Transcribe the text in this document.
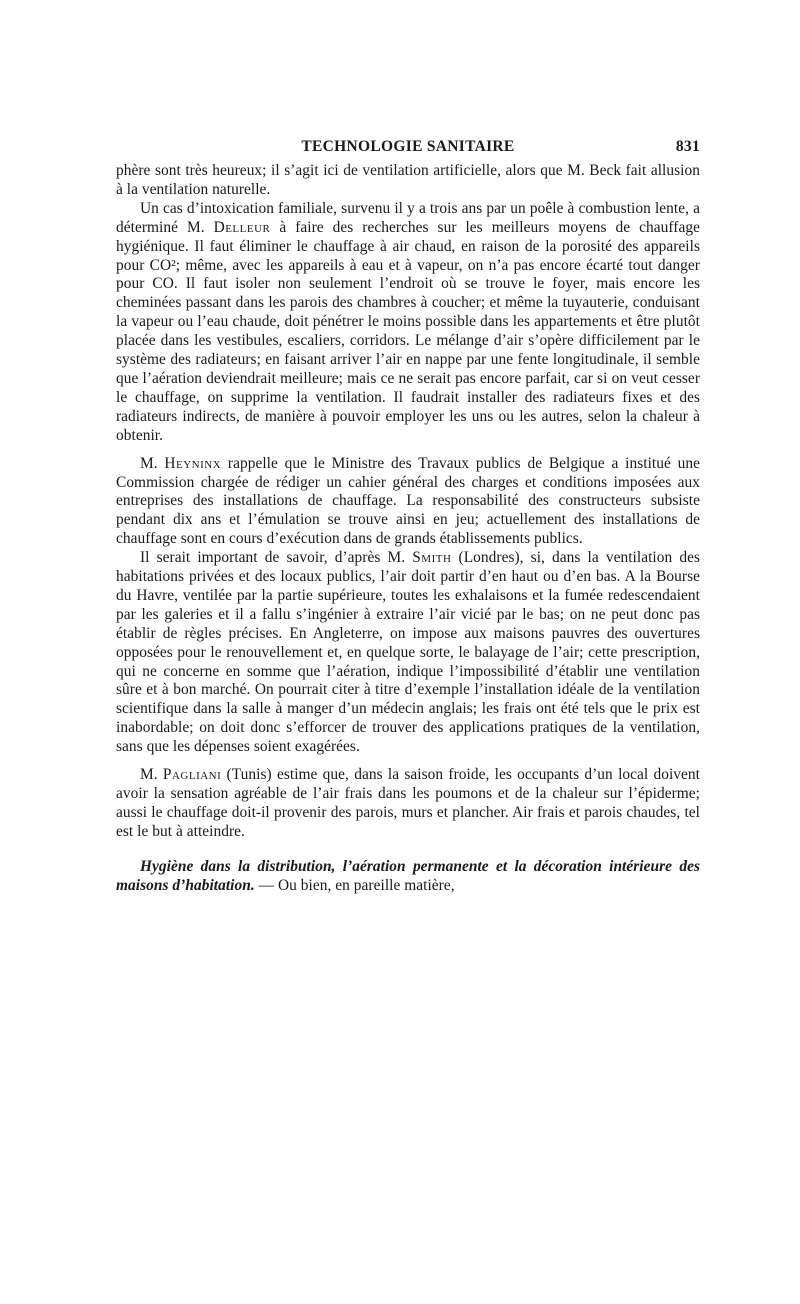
TECHNOLOGIE SANITAIRE	831

phère sont très heureux; il s’agit ici de ventilation artificielle, alors que M. Beck fait allusion à la ventilation naturelle.

Un cas d’intoxication familiale, survenu il y a trois ans par un poêle à combustion lente, a déterminé M. Delleur à faire des recherches sur les meilleurs moyens de chauffage hygiénique. Il faut éliminer le chauffage à air chaud, en raison de la porosité des appareils pour CO²; même, avec les appareils à eau et à vapeur, on n’a pas encore écarté tout danger pour CO. Il faut isoler non seulement l’endroit où se trouve le foyer, mais encore les cheminées passant dans les parois des chambres à coucher; et même la tuyauterie, conduisant la vapeur ou l’eau chaude, doit pénétrer le moins possible dans les appartements et être plutôt placée dans les vestibules, escaliers, corridors. Le mélange d’air s’opère difficilement par le système des radiateurs; en faisant arriver l’air en nappe par une fente longitudinale, il semble que l’aération deviendrait meilleure; mais ce ne serait pas encore parfait, car si on veut cesser le chauffage, on supprime la ventilation. Il faudrait installer des radiateurs fixes et des radiateurs indirects, de manière à pouvoir employer les uns ou les autres, selon la chaleur à obtenir.

M. Heyninx rappelle que le Ministre des Travaux publics de Belgique a institué une Commission chargée de rédiger un cahier général des charges et conditions imposées aux entreprises des installations de chauffage. La responsabilité des constructeurs subsiste pendant dix ans et l’émulation se trouve ainsi en jeu; actuellement des installations de chauffage sont en cours d’exécution dans de grands établissements publics.

Il serait important de savoir, d’après M. Smith (Londres), si, dans la ventilation des habitations privées et des locaux publics, l’air doit partir d’en haut ou d’en bas. A la Bourse du Havre, ventilée par la partie supérieure, toutes les exhalaisons et la fumée redescendaient par les galeries et il a fallu s’ingénier à extraire l’air vicié par le bas; on ne peut donc pas établir de règles précises. En Angleterre, on impose aux maisons pauvres des ouvertures opposées pour le renouvellement et, en quelque sorte, le balayage de l’air; cette prescription, qui ne concerne en somme que l’aération, indique l’impossibilité d’établir une ventilation sûre et à bon marché. On pourrait citer à titre d’exemple l’installation idéale de la ventilation scientifique dans la salle à manger d’un médecin anglais; les frais ont été tels que le prix est inabordable; on doit donc s’efforcer de trouver des applications pratiques de la ventilation, sans que les dépenses soient exagérées.

M. Pagliani (Tunis) estime que, dans la saison froide, les occupants d’un local doivent avoir la sensation agréable de l’air frais dans les poumons et de la chaleur sur l’épiderme; aussi le chauffage doit-il provenir des parois, murs et plancher. Air frais et parois chaudes, tel est le but à atteindre.

Hygiène dans la distribution, l’aération permanente et la décoration intérieure des maisons d’habitation. — Ou bien, en pareille matière,
